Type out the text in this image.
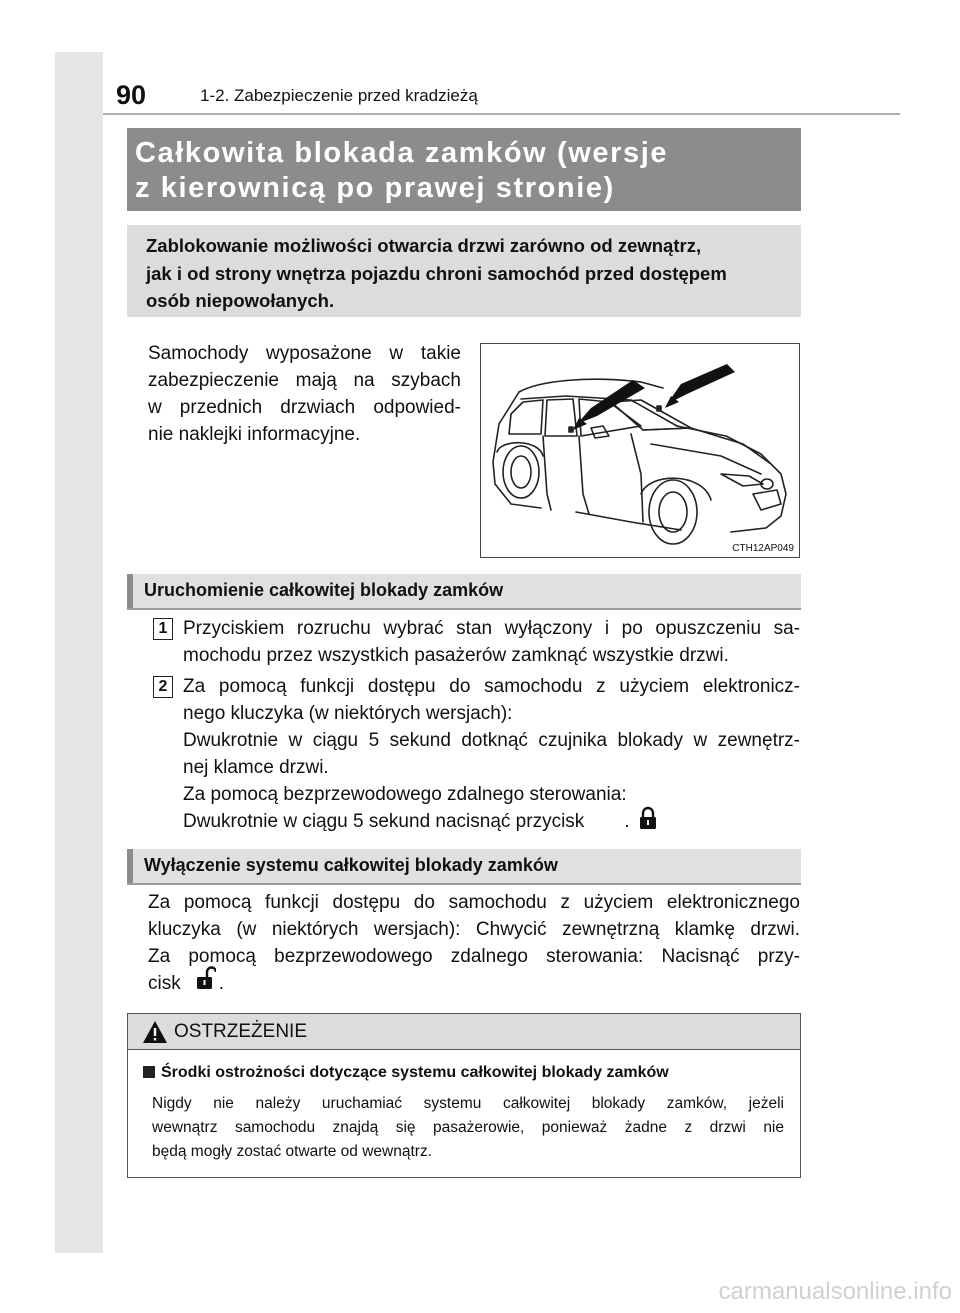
90	1-2. Zabezpieczenie przed kradzieżą
Całkowita blokada zamków (wersje
z kierownicą po prawej stronie)
Zablokowanie możliwości otwarcia drzwi zarówno od zewnątrz,
jak i od strony wnętrza pojazdu chroni samochód przed dostępem
osób niepowołanych.
Samochody wyposażone w takie
zabezpieczenie mają na szybach
w przednich drzwiach odpowied-
nie naklejki informacyjne.
CTH12AP049
Uruchomienie całkowitej blokady zamków
1 Przyciskiem rozruchu wybrać stan wyłączony i po opuszczeniu sa-
mochodu przez wszystkich pasażerów zamknąć wszystkie drzwi.
2 Za pomocą funkcji dostępu do samochodu z użyciem elektronicz-
nego kluczyka (w niektórych wersjach):
Dwukrotnie w ciągu 5 sekund dotknąć czujnika blokady w zewnętrz-
nej klamce drzwi.
Za pomocą bezprzewodowego zdalnego sterowania:
Dwukrotnie w ciągu 5 sekund nacisnąć przycisk .
Wyłączenie systemu całkowitej blokady zamków
Za pomocą funkcji dostępu do samochodu z użyciem elektronicznego
kluczyka (w niektórych wersjach): Chwycić zewnętrzną klamkę drzwi.
Za pomocą bezprzewodowego zdalnego sterowania: Nacisnąć przy-
cisk .
OSTRZEŻENIE
Środki ostrożności dotyczące systemu całkowitej blokady zamków
Nigdy nie należy uruchamiać systemu całkowitej blokady zamków, jeżeli
wewnątrz samochodu znajdą się pasażerowie, ponieważ żadne z drzwi nie
będą mogły zostać otwarte od wewnątrz.
carmanualsonline.info
